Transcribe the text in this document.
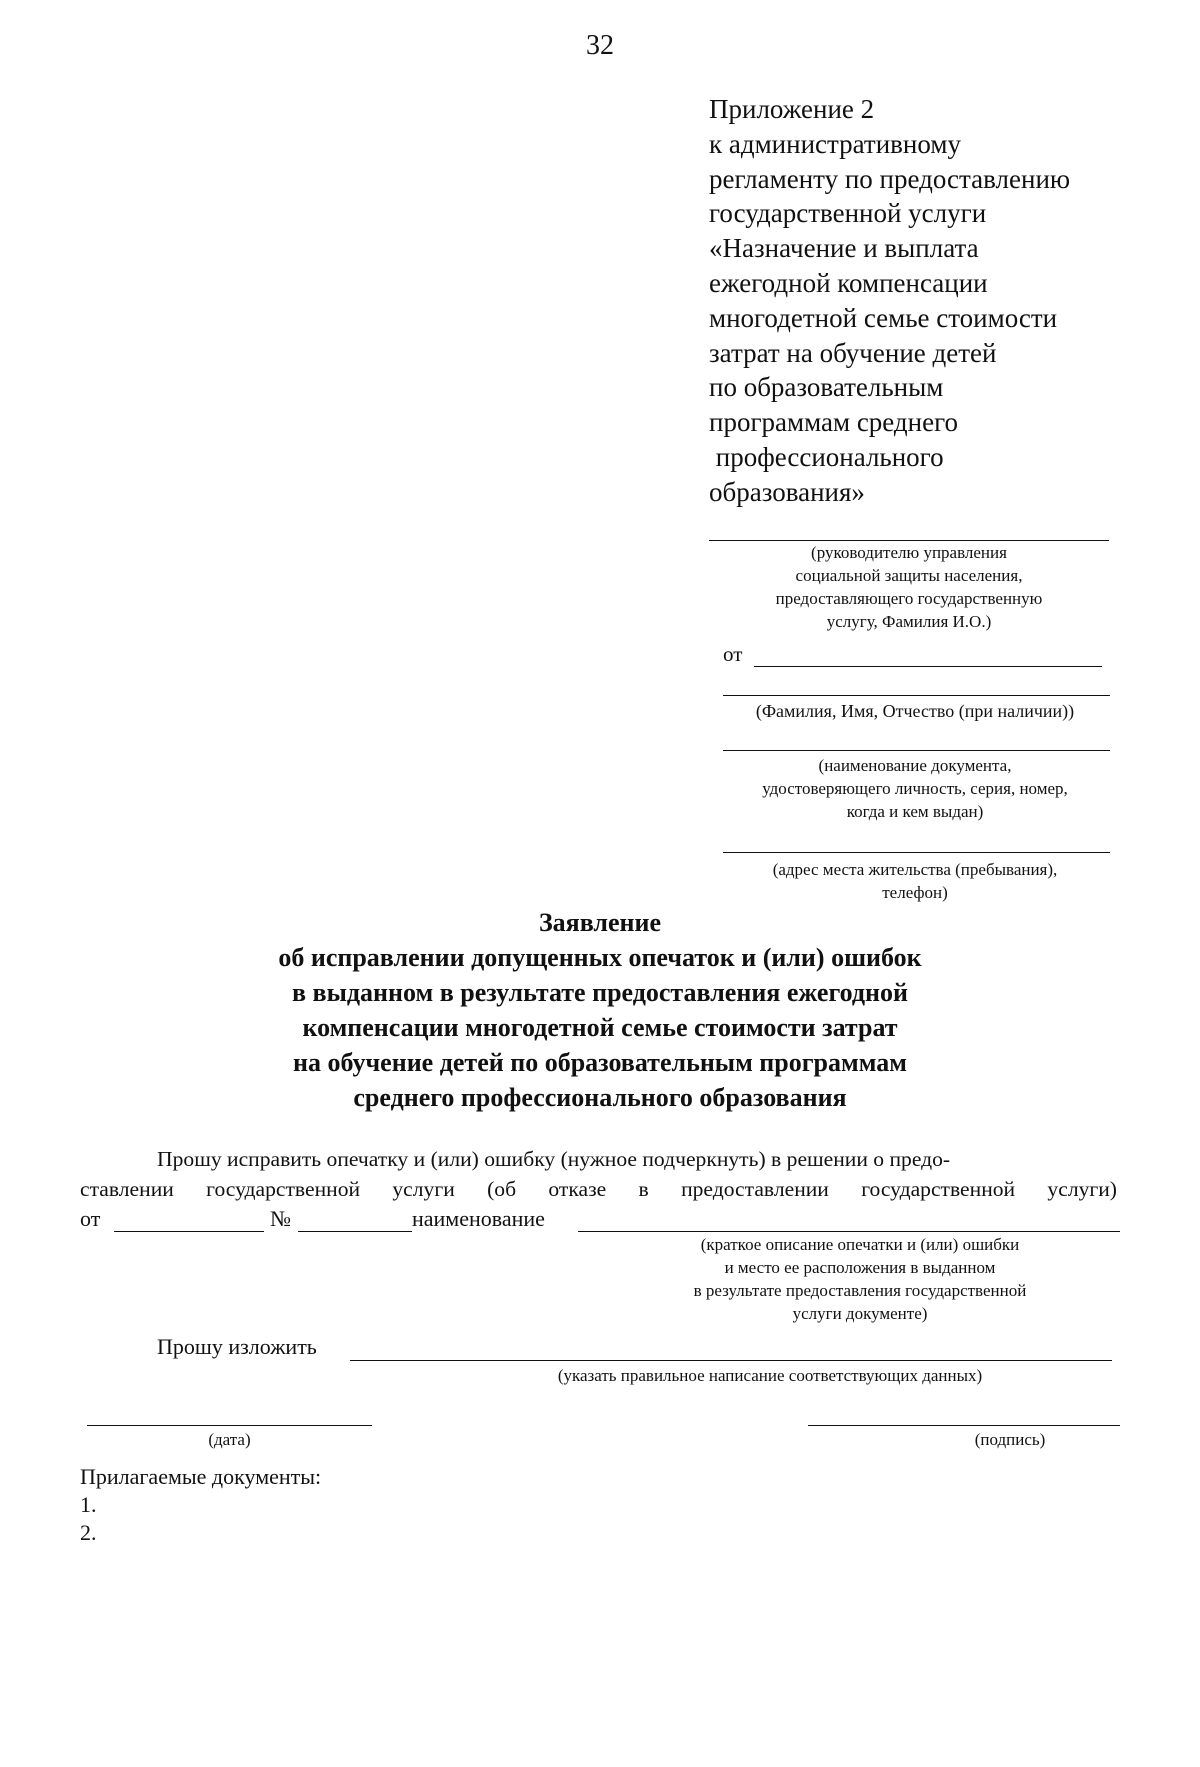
32
Приложение 2
к административному
регламенту по предоставлению
государственной услуги
«Назначение и выплата
ежегодной компенсации
многодетной семье стоимости
затрат на обучение детей
по образовательным
программам среднего
профессионального
образования»
(руководителю управления
социальной защиты населения,
предоставляющего государственную
услугу, Фамилия И.О.)
от
(Фамилия, Имя, Отчество (при наличии))
(наименование документа,
удостоверяющего личность, серия, номер,
когда и кем выдан)
(адрес места жительства (пребывания),
телефон)
Заявление
об исправлении допущенных опечаток и (или) ошибок
в выданном в результате предоставления ежегодной
компенсации многодетной семье стоимости затрат
на обучение детей по образовательным программам
среднего профессионального образования
Прошу исправить опечатку и (или) ошибку (нужное подчеркнуть) в решении о предо-
ставлении государственной услуги (об отказе в предоставлении государственной услуги)
от	№	наименование
(краткое описание опечатки и (или) ошибки
и место ее расположения в выданном
в результате предоставления государственной
услуги документе)
Прошу изложить
(указать правильное написание соответствующих данных)
(дата)	(подпись)
Прилагаемые документы:
1.
2.
